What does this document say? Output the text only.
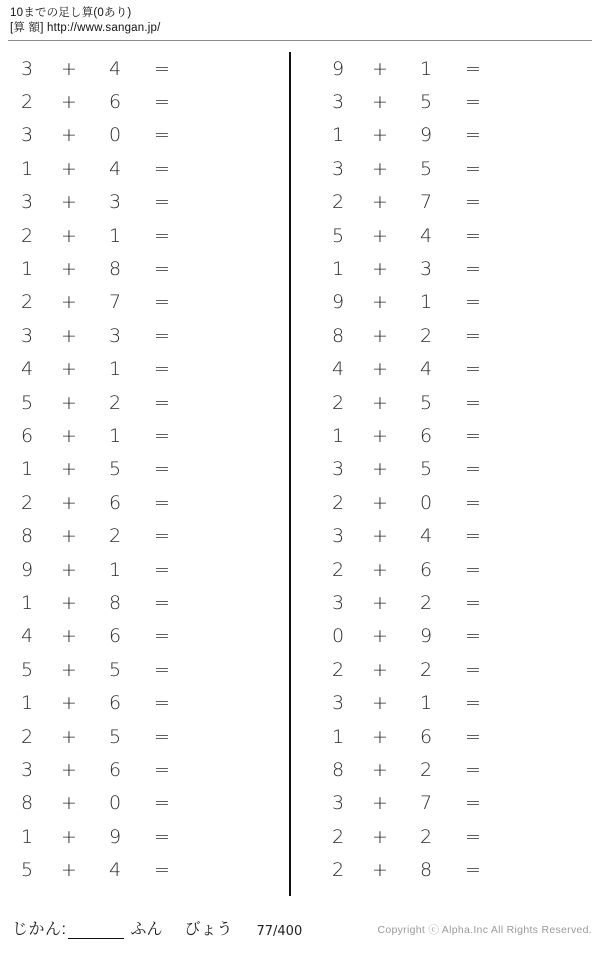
10までの足し算(0あり)
[算 額] http://www.sangan.jp/
3	+	4	=
2	+	6	=
3	+	0	=
1	+	4	=
3	+	3	=
2	+	1	=
1	+	8	=
2	+	7	=
3	+	3	=
4	+	1	=
5	+	2	=
6	+	1	=
1	+	5	=
2	+	6	=
8	+	2	=
9	+	1	=
1	+	8	=
4	+	6	=
5	+	5	=
1	+	6	=
2	+	5	=
3	+	6	=
8	+	0	=
1	+	9	=
5	+	4	=
9	+	1	=
3	+	5	=
1	+	9	=
3	+	5	=
2	+	7	=
5	+	4	=
1	+	3	=
9	+	1	=
8	+	2	=
4	+	4	=
2	+	5	=
1	+	6	=
3	+	5	=
2	+	0	=
3	+	4	=
2	+	6	=
3	+	2	=
0	+	9	=
2	+	2	=
3	+	1	=
1	+	6	=
8	+	2	=
3	+	7	=
2	+	2	=
2	+	8	=
じかん:	ふん びょう 77/400	Copyright ⓒ Alpha.Inc All Rights Reserved.
